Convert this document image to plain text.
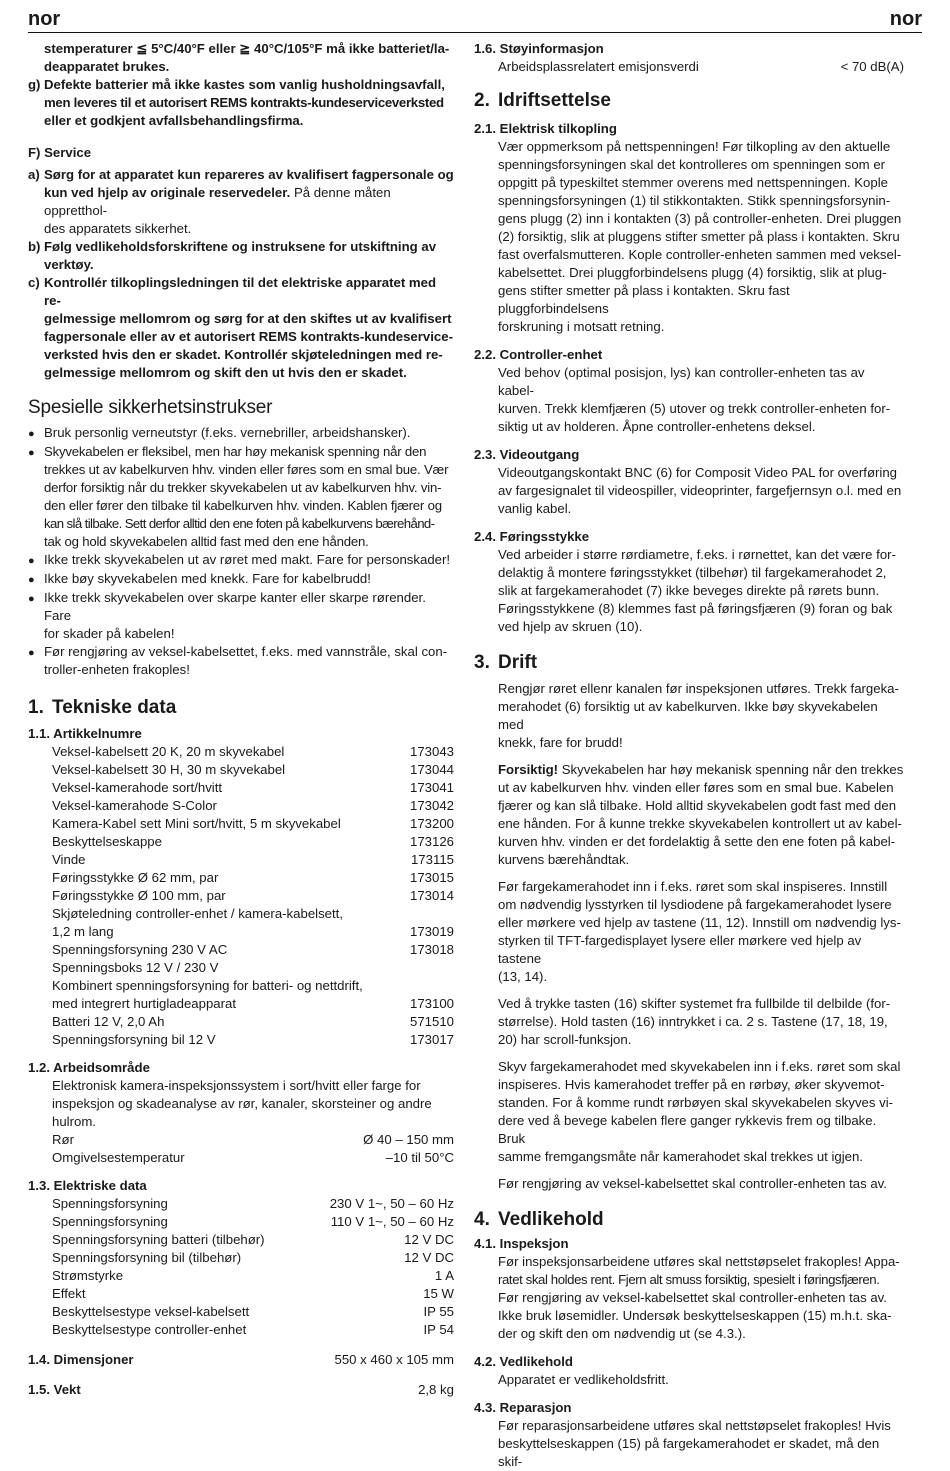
nor	nor
stemperaturer ≦ 5°C/40°F eller ≧ 40°C/105°F må ikke batteriet/la-
deapparatet brukes.
g) Defekte batterier må ikke kastes som vanlig husholdningsavfall,
men leveres til et autorisert REMS kontrakts-kundeserviceverksted
eller et godkjent avfallsbehandlingsfirma.
F) Service
a) Sørg for at apparatet kun repareres av kvalifisert fagpersonale og
kun ved hjelp av originale reservedeler. På denne måten oppretthol-
des apparatets sikkerhet.
b) Følg vedlikeholdsforskriftene og instruksene for utskiftning av
verktøy.
c) Kontrollér tilkoplingsledningen til det elektriske apparatet med re-
gelmessige mellomrom og sørg for at den skiftes ut av kvalifisert
fagpersonale eller av et autorisert REMS kontrakts-kundeservice-
verksted hvis den er skadet. Kontrollér skjøteledningen med re-
gelmessige mellomrom og skift den ut hvis den er skadet.
Spesielle sikkerhetsinstrukser
●
Bruk personlig verneutstyr (f.eks. vernebriller, arbeidshansker).
●
Skyvekabelen er fleksibel, men har høy mekanisk spenning når den
trekkes ut av kabelkurven hhv. vinden eller føres som en smal bue. Vær
derfor forsiktig når du trekker skyvekabelen ut av kabelkurven hhv. vin-
den eller fører den tilbake til kabelkurven hhv. vinden. Kablen fjærer og
kan slå tilbake. Sett derfor alltid den ene foten på kabelkurvens bærehånd-
tak og hold skyvekabelen alltid fast med den ene hånden.
●
Ikke trekk skyvekabelen ut av røret med makt. Fare for personskader!
●
Ikke bøy skyvekabelen med knekk. Fare for kabelbrudd!
●
Ikke trekk skyvekabelen over skarpe kanter eller skarpe rørender. Fare
for skader på kabelen!
●
Før rengjøring av veksel-kabelsettet, f.eks. med vannstråle, skal con-
troller-enheten frakoples!
1. Tekniske data
1.1. Artikkelnumre
Veksel-kabelsett 20 K, 20 m skyvekabel	173043
Veksel-kabelsett 30 H, 30 m skyvekabel	173044
Veksel-kamerahode sort/hvitt	173041
Veksel-kamerahode S-Color	173042
Kamera-Kabel sett Mini sort/hvitt, 5 m skyvekabel	173200
Beskyttelseskappe	173126
Vinde	173115
Føringsstykke Ø 62 mm, par	173015
Føringsstykke Ø 100 mm, par	173014
Skjøteledning controller-enhet / kamera-kabelsett,
1,2 m lang	173019
Spenningsforsyning 230 V AC	173018
Spenningsboks 12 V / 230 V
Kombinert spenningsforsyning for batteri- og nettdrift,
med integrert hurtigladeapparat	173100
Batteri 12 V, 2,0 Ah	571510
Spenningsforsyning bil 12 V	173017
1.2. Arbeidsområde
Elektronisk kamera-inspeksjonssystem i sort/hvitt eller farge for
inspeksjon og skadeanalyse av rør, kanaler, skorsteiner og andre
hulrom.
Rør	Ø 40 – 150 mm
Omgivelsestemperatur	–10 til 50°C
1.3. Elektriske data
Spenningsforsyning	230 V 1~, 50 – 60 Hz
Spenningsforsyning	110 V 1~, 50 – 60 Hz
Spenningsforsyning batteri (tilbehør)	12 V DC
Spenningsforsyning bil (tilbehør)	12 V DC
Strømstyrke	1 A
Effekt	15 W
Beskyttelsestype veksel-kabelsett	IP 55
Beskyttelsestype controller-enhet	IP 54
1.4. Dimensjoner	550 x 460 x 105 mm
1.5. Vekt	2,8 kg
1.6. Støyinformasjon
Arbeidsplassrelatert emisjonsverdi	< 70 dB(A)
2. Idriftsettelse
2.1. Elektrisk tilkopling
Vær oppmerksom på nettspenningen! Før tilkopling av den aktuelle
spenningsforsyningen skal det kontrolleres om spenningen som er
oppgitt på typeskiltet stemmer overens med nettspenningen. Kople
spenningsforsyningen (1) til stikkontakten. Stikk spenningsforsynin-
gens plugg (2) inn i kontakten (3) på controller-enheten. Drei pluggen
(2) forsiktig, slik at pluggens stifter smetter på plass i kontakten. Skru
fast overfalsmutteren. Kople controller-enheten sammen med veksel-
kabelsettet. Drei pluggforbindelsens plugg (4) forsiktig, slik at plug-
gens stifter smetter på plass i kontakten. Skru fast pluggforbindelsens
forskruning i motsatt retning.
2.2. Controller-enhet
Ved behov (optimal posisjon, lys) kan controller-enheten tas av kabel-
kurven. Trekk klemfjæren (5) utover og trekk controller-enheten for-
siktig ut av holderen. Åpne controller-enhetens deksel.
2.3. Videoutgang
Videoutgangskontakt BNC (6) for Composit Video PAL for overføring
av fargesignalet til videospiller, videoprinter, fargefjernsyn o.l. med en
vanlig kabel.
2.4. Føringsstykke
Ved arbeider i større rørdiametre, f.eks. i rørnettet, kan det være for-
delaktig å montere føringsstykket (tilbehør) til fargekamerahodet 2,
slik at fargekamerahodet (7) ikke beveges direkte på rørets bunn.
Føringsstykkene (8) klemmes fast på føringsfjæren (9) foran og bak
ved hjelp av skruen (10).
3. Drift
Rengjør røret ellenr kanalen før inspeksjonen utføres. Trekk fargeka-
merahodet (6) forsiktig ut av kabelkurven. Ikke bøy skyvekabelen med
knekk, fare for brudd!
Forsiktig! Skyvekabelen har høy mekanisk spenning når den trekkes
ut av kabelkurven hhv. vinden eller føres som en smal bue. Kabelen
fjærer og kan slå tilbake. Hold alltid skyvekabelen godt fast med den
ene hånden. For å kunne trekke skyvekabelen kontrollert ut av kabel-
kurven hhv. vinden er det fordelaktig å sette den ene foten på kabel-
kurvens bærehåndtak.
Før fargekamerahodet inn i f.eks. røret som skal inspiseres. Innstill
om nødvendig lysstyrken til lysdiodene på fargekamerahodet lysere
eller mørkere ved hjelp av tastene (11, 12). Innstill om nødvendig lys-
styrken til TFT-fargedisplayet lysere eller mørkere ved hjelp av tastene
(13, 14).
Ved å trykke tasten (16) skifter systemet fra fullbilde til delbilde (for-
størrelse). Hold tasten (16) inntrykket i ca. 2 s. Tastene (17, 18, 19,
20) har scroll-funksjon.
Skyv fargekamerahodet med skyvekabelen inn i f.eks. røret som skal
inspiseres. Hvis kamerahodet treffer på en rørbøy, øker skyvemot-
standen. For å komme rundt rørbøyen skal skyvekabelen skyves vi-
dere ved å bevege kabelen flere ganger rykkevis frem og tilbake. Bruk
samme fremgangsmåte når kamerahodet skal trekkes ut igjen.
Før rengjøring av veksel-kabelsettet skal controller-enheten tas av.
4. Vedlikehold
4.1. Inspeksjon
Før inspeksjonsarbeidene utføres skal nettstøpselet frakoples! Appa-
ratet skal holdes rent. Fjern alt smuss forsiktig, spesielt i føringsfjæren.
Før rengjøring av veksel-kabelsettet skal controller-enheten tas av.
Ikke bruk løsemidler. Undersøk beskyttelseskappen (15) m.h.t. ska-
der og skift den om nødvendig ut (se 4.3.).
4.2. Vedlikehold
Apparatet er vedlikeholdsfritt.
4.3. Reparasjon
Før reparasjonsarbeidene utføres skal nettstøpselet frakoples! Hvis
beskyttelseskappen (15) på fargekamerahodet er skadet, må den skif-
